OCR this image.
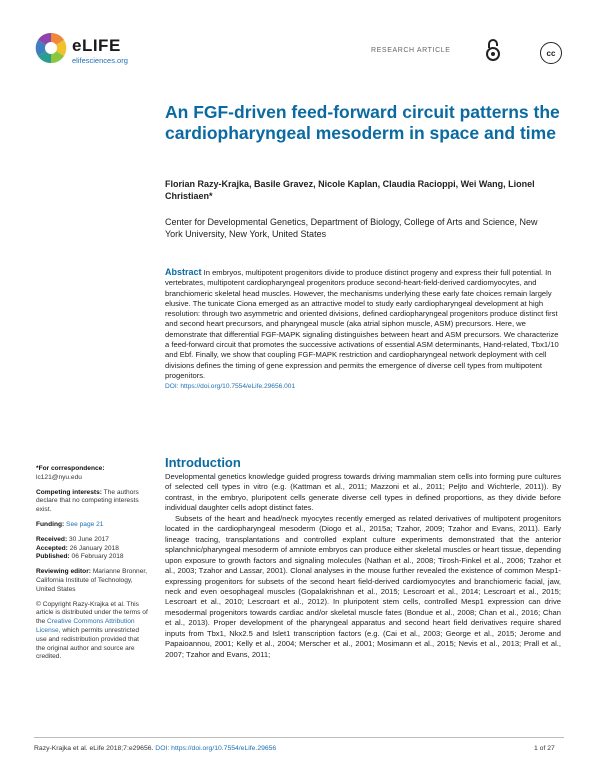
eLIFE
elifesciences.org
RESEARCH ARTICLE	cc
An FGF-driven feed-forward circuit patterns the cardiopharyngeal mesoderm in space and time
Florian Razy-Krajka, Basile Gravez, Nicole Kaplan, Claudia Racioppi, Wei Wang, Lionel Christiaen*
Center for Developmental Genetics, Department of Biology, College of Arts and Science, New York University, New York, United States
Abstract In embryos, multipotent progenitors divide to produce distinct progeny and express their full potential. In vertebrates, multipotent cardiopharyngeal progenitors produce second-heart-field-derived cardiomyocytes, and branchiomeric skeletal head muscles. However, the mechanisms underlying these early fate choices remain largely elusive. The tunicate Ciona emerged as an attractive model to study early cardiopharyngeal development at high resolution: through two asymmetric and oriented divisions, defined cardiopharyngeal progenitors produce distinct first and second heart precursors, and pharyngeal muscle (aka atrial siphon muscle, ASM) precursors. Here, we demonstrate that differential FGF-MAPK signaling distinguishes between heart and ASM precursors. We characterize a feed-forward circuit that promotes the successive activations of essential ASM determinants, Hand-related, Tbx1/10 and Ebf. Finally, we show that coupling FGF-MAPK restriction and cardiopharyngeal network deployment with cell divisions defines the timing of gene expression and permits the emergence of diverse cell types from multipotent progenitors.
DOI: https://doi.org/10.7554/eLife.29656.001
*For correspondence:
lc121@nyu.edu
Competing interests: The authors declare that no competing interests exist.
Funding: See page 21
Received: 30 June 2017
Accepted: 26 January 2018
Published: 06 February 2018
Reviewing editor: Marianne Bronner, California Institute of Technology, United States
© Copyright Razy-Krajka et al. This article is distributed under the terms of the Creative Commons Attribution License, which permits unrestricted use and redistribution provided that the original author and source are credited.
Introduction

Developmental genetics knowledge guided progress towards driving mammalian stem cells into forming pure cultures of selected cell types in vitro (e.g. (Kattman et al., 2011; Mazzoni et al., 2011; Peljto and Wichterle, 2011)). By contrast, in the embryo, pluripotent cells generate diverse cell types in defined proportions, as they divide before individual daughter cells adopt distinct fates.

Subsets of the heart and head/neck myocytes recently emerged as related derivatives of multipotent progenitors located in the cardiopharyngeal mesoderm (Diogo et al., 2015a; Tzahor, 2009; Tzahor and Evans, 2011). Early lineage tracing, transplantations and controlled explant culture experiments demonstrated that the anterior splanchnic/pharyngeal mesoderm of amniote embryos can produce either skeletal muscles or heart tissue, depending upon exposure to growth factors and signaling molecules (Nathan et al., 2008; Tirosh-Finkel et al., 2006; Tzahor et al., 2003; Tzahor and Lassar, 2001). Clonal analyses in the mouse further revealed the existence of common Mesp1-expressing progenitors for subsets of the second heart field-derived cardiomyocytes and branchiomeric facial, jaw, neck and even oesophageal muscles (Gopalakrishnan et al., 2015; Lescroart et al., 2014; Lescroart et al., 2015; Lescroart et al., 2010; Lescroart et al., 2012). In pluripotent stem cells, controlled Mesp1 expression can drive mesodermal progenitors towards cardiac and/or skeletal muscle fates (Bondue et al., 2008; Chan et al., 2016; Chan et al., 2013). Proper development of the pharyngeal apparatus and second heart field derivatives require shared inputs from Tbx1, Nkx2.5 and Islet1 transcription factors (e.g. (Cai et al., 2003; George et al., 2015; Jerome and Papaioannou, 2001; Kelly et al., 2004; Merscher et al., 2001; Mosimann et al., 2015; Nevis et al., 2013; Prall et al., 2007; Tzahor and Evans, 2011;

Razy-Krajka et al. eLife 2018;7:e29656. DOI: https://doi.org/10.7554/eLife.29656	1 of 27
